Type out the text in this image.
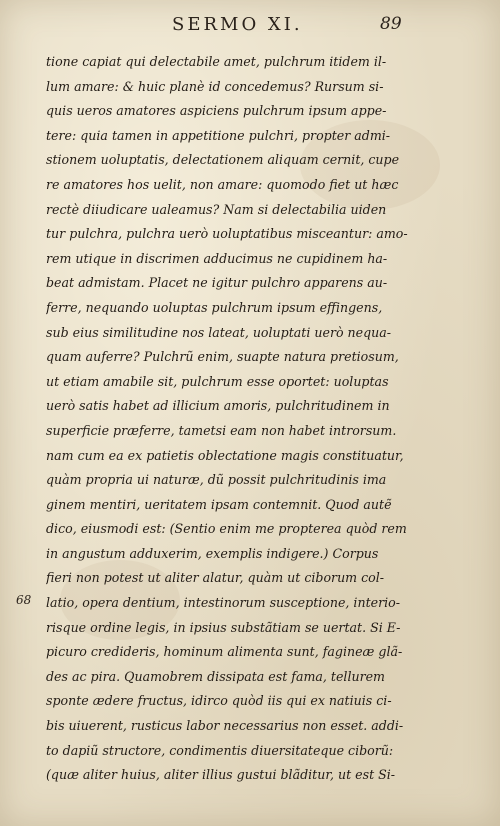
SERMO XI.	89
68
tione capiat qui delectabile amet, pulchrum itidem il-
lum amare: & huic planè id concedemus? Rursum si-
quis ueros amatores aspiciens pulchrum ipsum appe-
tere: quia tamen in appetitione pulchri, propter admi-
stionem uoluptatis, delectationem aliquam cernit, cupe
re amatores hos uelit, non amare: quomodo fiet ut hæc
rectè diiudicare ualeamus? Nam si delectabilia uiden
tur pulchra, pulchra uerò uoluptatibus misceantur: amo-
rem utique in discrimen adducimus ne cupidinem ha-
beat admistam. Placet ne igitur pulchro apparens au-
ferre, nequando uoluptas pulchrum ipsum effingens,
sub eius similitudine nos lateat, uoluptati uerò nequa-
quam auferre? Pulchrũ enim, suapte natura pretiosum,
ut etiam amabile sit, pulchrum esse oportet: uoluptas
uerò satis habet ad illicium amoris, pulchritudinem in
superficie præferre, tametsi eam non habet introrsum.
nam cum ea ex patietis oblectatione magis constituatur,
quàm propria ui naturæ, dũ possit pulchritudinis ima
ginem mentiri, ueritatem ipsam contemnit. Quod autẽ
dico, eiusmodi est: (Sentio enim me propterea quòd rem
in angustum adduxerim, exemplis indigere.) Corpus
fieri non potest ut aliter alatur, quàm ut ciborum col-
latio, opera dentium, intestinorum susceptione, interio-
risque ordine legis, in ipsius substãtiam se uertat. Si E-
picuro credideris, hominum alimenta sunt, fagineæ glã-
des ac pira. Quamobrem dissipata est fama, tellurem
sponte ædere fructus, idirco quòd iis qui ex natiuis ci-
bis uiuerent, rusticus labor necessarius non esset. addi-
to dapiũ structore, condimentis diuersitateque ciborũ:
(quæ aliter huius, aliter illius gustui blãditur, ut est Si-
